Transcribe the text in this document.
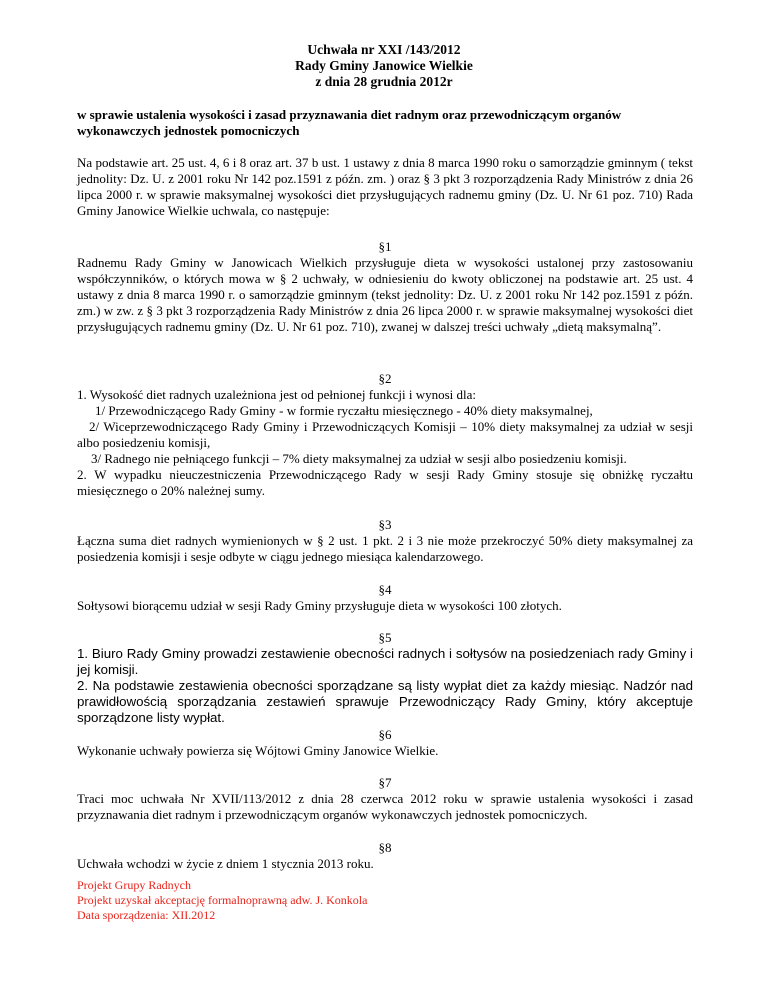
Uchwała nr XXI /143/2012
Rady Gminy Janowice Wielkie
z dnia 28 grudnia 2012r
w sprawie ustalenia wysokości i zasad przyznawania diet radnym oraz przewodniczącym organów wykonawczych jednostek pomocniczych

Na podstawie art. 25 ust. 4, 6 i 8 oraz art. 37 b ust. 1 ustawy z dnia 8 marca 1990 roku o samorządzie gminnym ( tekst jednolity: Dz. U. z 2001 roku Nr 142 poz.1591 z późn. zm. ) oraz § 3 pkt 3 rozporządzenia Rady Ministrów z dnia 26 lipca 2000 r. w sprawie maksymalnej wysokości diet przysługujących radnemu gminy (Dz. U. Nr 61 poz. 710) Rada Gminy Janowice Wielkie uchwala, co następuje:

§1

Radnemu Rady Gminy w Janowicach Wielkich przysługuje dieta w wysokości ustalonej przy zastosowaniu współczynników, o których mowa w § 2 uchwały, w odniesieniu do kwoty obliczonej na podstawie art. 25 ust. 4 ustawy z dnia 8 marca 1990 r. o samorządzie gminnym (tekst jednolity: Dz. U. z 2001 roku Nr 142 poz.1591 z późn. zm.) w zw. z § 3 pkt 3 rozporządzenia Rady Ministrów z dnia 26 lipca 2000 r. w sprawie maksymalnej wysokości diet przysługujących radnemu gminy (Dz. U. Nr 61 poz. 710), zwanej w dalszej treści uchwały „dietą maksymalną”.

§2

1. Wysokość diet radnych uzależniona jest od pełnionej funkcji i wynosi dla:

1/ Przewodniczącego Rady Gminy - w formie ryczałtu miesięcznego - 40% diety maksymalnej,

2/ Wiceprzewodniczącego Rady Gminy i Przewodniczących Komisji – 10% diety maksymalnej za udział w sesji albo posiedzeniu komisji,

3/ Radnego nie pełniącego funkcji – 7% diety maksymalnej za udział w sesji albo posiedzeniu komisji.

2. W wypadku nieuczestniczenia Przewodniczącego Rady w sesji Rady Gminy stosuje się obniżkę ryczałtu miesięcznego o 20% należnej sumy.

§3

Łączna suma diet radnych wymienionych w § 2 ust. 1 pkt. 2 i 3 nie może przekroczyć 50% diety maksymalnej za posiedzenia komisji i sesje odbyte w ciągu jednego miesiąca kalendarzowego.

§4

Sołtysowi biorącemu udział w sesji Rady Gminy przysługuje dieta w wysokości 100 złotych.

§5

1. Biuro Rady Gminy prowadzi zestawienie obecności radnych i sołtysów na posiedzeniach rady Gminy i jej komisji.

2. Na podstawie zestawienia obecności sporządzane są listy wypłat diet za każdy miesiąc. Nadzór nad prawidłowością sporządzania zestawień sprawuje Przewodniczący Rady Gminy, który akceptuje sporządzone listy wypłat.

§6

Wykonanie uchwały powierza się Wójtowi Gminy Janowice Wielkie.

§7

Traci moc uchwała Nr XVII/113/2012 z dnia 28 czerwca 2012 roku w sprawie ustalenia wysokości i zasad przyznawania diet radnym i przewodniczącym organów wykonawczych jednostek pomocniczych.

§8

Uchwała wchodzi w życie z dniem 1 stycznia 2013 roku.

Projekt Grupy Radnych
Projekt uzyskał akceptację formalnoprawną adw. J. Konkola
Data sporządzenia: XII.2012
